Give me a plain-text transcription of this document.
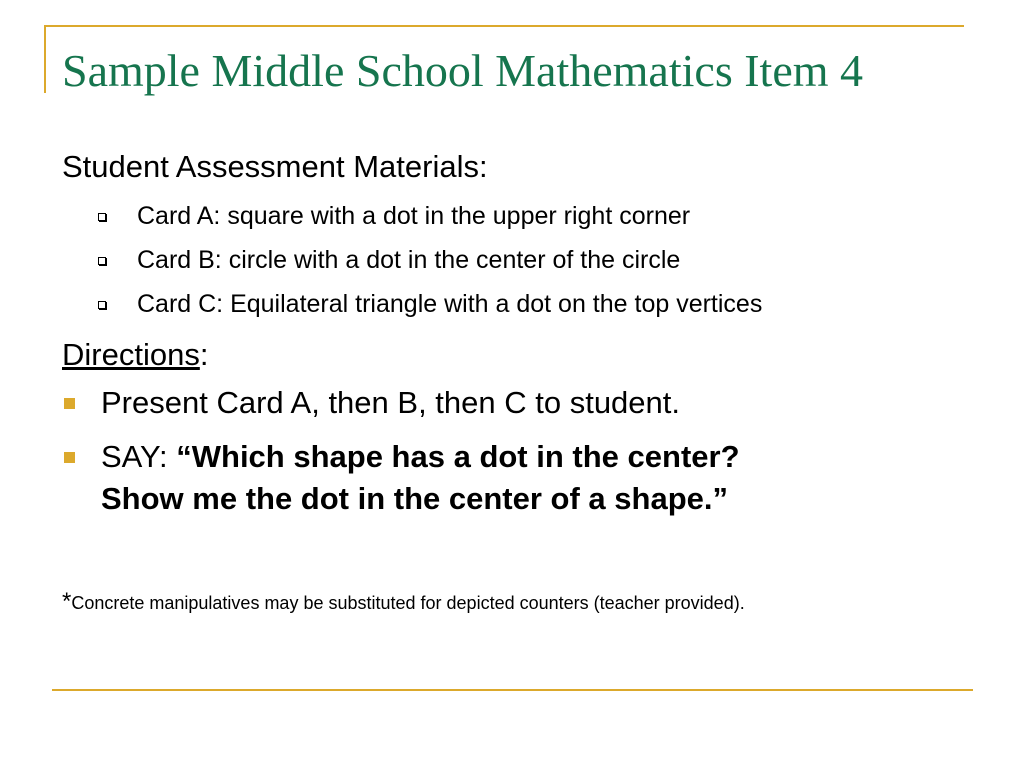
Sample Middle School Mathematics Item 4
Student Assessment Materials:
Card A: square with a dot in the upper right corner
Card B: circle with a dot in the center of the circle
Card C: Equilateral triangle with a dot on the top vertices
Directions:
Present Card A, then B, then C to student.
SAY: “Which shape has a dot in the center?
Show me the dot in the center of a shape.”
*Concrete manipulatives may be substituted for depicted counters (teacher provided).
